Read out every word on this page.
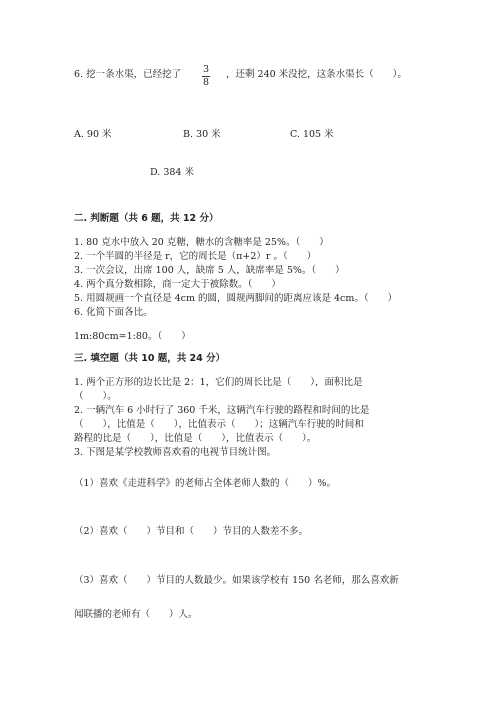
6. 挖一条水渠，已经挖了 3
8
，还剩 240 米没挖，这条水渠长（　　）。
A. 90 米	B. 30 米	C. 105 米
D. 384 米
二. 判断题（共 6 题，共 12 分）
1. 80 克水中放入 20 克糖，糖水的含糖率是 25%。（　　）
2. 一个半圆的半径是 r，它的周长是（π+2）r 。（　　）
3. 一次会议，出席 100 人，缺席 5 人，缺席率是 5%。（　　）
4. 两个真分数相除，商一定大于被除数。（　　）
5. 用圆规画一个直径是 4cm 的圆，圆规两脚间的距离应该是 4cm。（　　）
6. 化简下面各比。
1m:80cm=1:80。（　　）
三. 填空题（共 10 题，共 24 分）
1. 两个正方形的边长比是 2：1，它们的周长比是（　　），面积比是
（　　）。
2. 一辆汽车 6 小时行了 360 千米，这辆汽车行驶的路程和时间的比是
（　　），比值是（　　），比值表示（　　）；这辆汽车行驶的时间和
路程的比是（　　），比值是（　　），比值表示（　　）。
3. 下图是某学校教师喜欢看的电视节目统计图。
（1）喜欢《走进科学》的老师占全体老师人数的（　　）%。
（2）喜欢（　　）节目和（　　）节目的人数差不多。
（3）喜欢（　　）节目的人数最少。如果该学校有 150 名老师，那么喜欢新
闻联播的老师有（　　）人。
